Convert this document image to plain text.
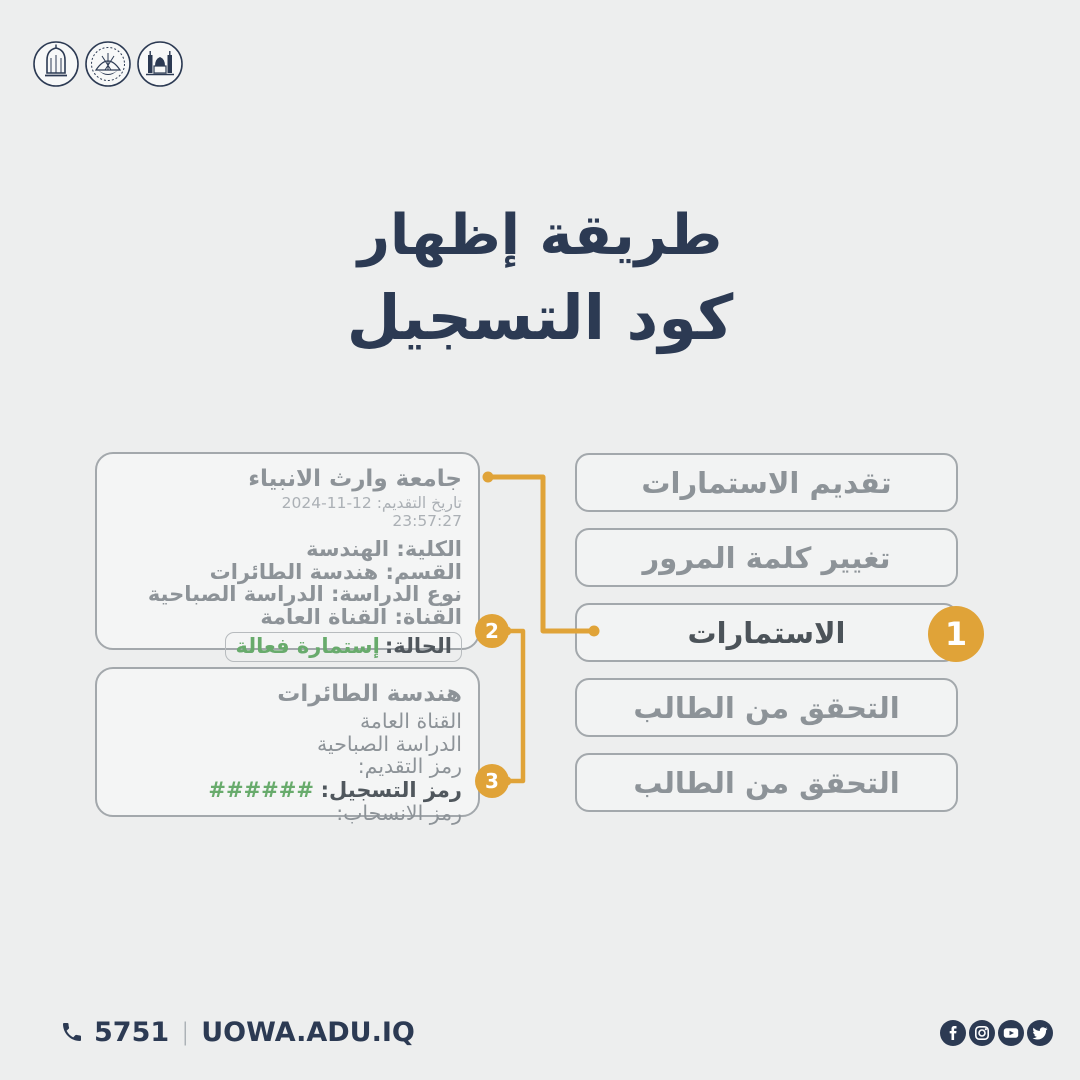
طريقة إظهار
كود التسجيل
جامعة وارث الانبياء
تاريخ التقديم: 12-11-2024
23:57:27
الكلية: الهندسة
القسم: هندسة الطائرات
نوع الدراسة: الدراسة الصباحية
القناة: القناة العامة
الحالة: إستمارة فعالة
هندسة الطائرات
القناة العامة
الدراسة الصباحية
رمز التقديم:
رمز التسجيل: ######
رمز الانسحاب:
تقديم الاستمارات
تغيير كلمة المرور
الاستمارات
التحقق من الطالب
التحقق من الطالب
1
2
3
5751 | UOWA.ADU.IQ
